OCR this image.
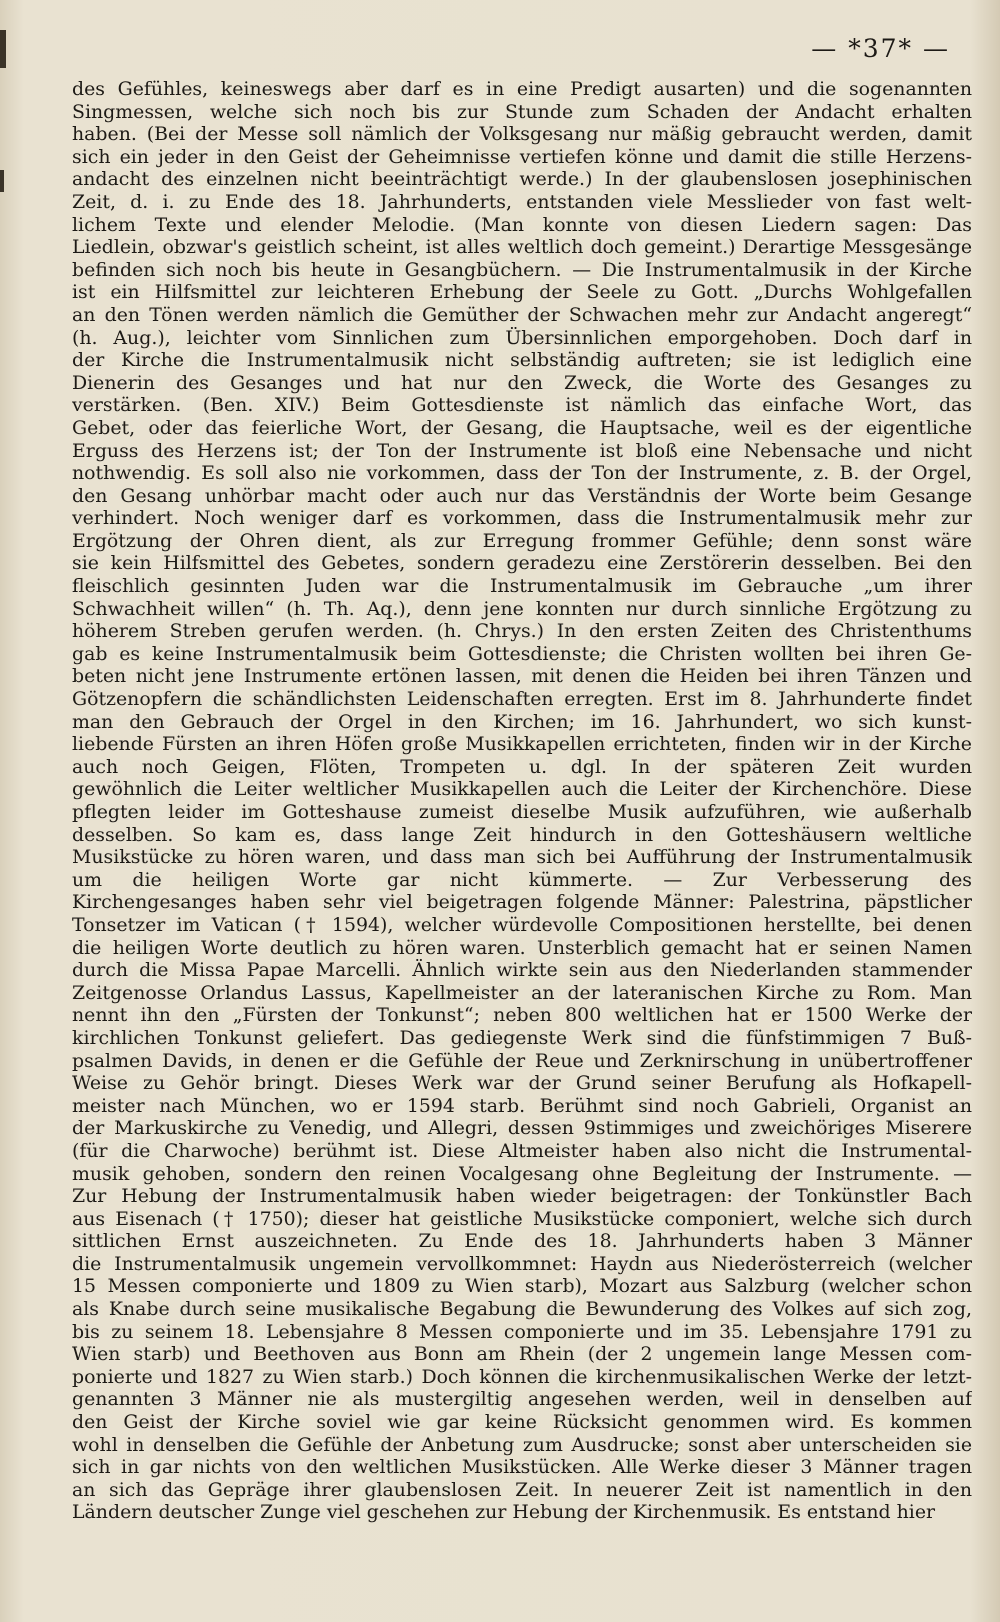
— *37* —
des Gefühles, keineswegs aber darf es in eine Predigt ausarten) und die sogenannten
Singmessen, welche sich noch bis zur Stunde zum Schaden der Andacht erhalten
haben. (Bei der Messe soll nämlich der Volksgesang nur mäßig gebraucht werden, damit
sich ein jeder in den Geist der Geheimnisse vertiefen könne und damit die stille Herzens-
andacht des einzelnen nicht beeinträchtigt werde.) In der glaubenslosen josephinischen
Zeit, d. i. zu Ende des 18. Jahrhunderts, entstanden viele Messlieder von fast welt-
lichem Texte und elender Melodie. (Man konnte von diesen Liedern sagen: Das
Liedlein, obzwar's geistlich scheint, ist alles weltlich doch gemeint.) Derartige Messgesänge
befinden sich noch bis heute in Gesangbüchern. — Die Instrumentalmusik in der Kirche
ist ein Hilfsmittel zur leichteren Erhebung der Seele zu Gott. „Durchs Wohlgefallen
an den Tönen werden nämlich die Gemüther der Schwachen mehr zur Andacht angeregt“
(h. Aug.), leichter vom Sinnlichen zum Übersinnlichen emporgehoben. Doch darf in
der Kirche die Instrumentalmusik nicht selbständig auftreten; sie ist lediglich eine
Dienerin des Gesanges und hat nur den Zweck, die Worte des Gesanges zu
verstärken. (Ben. XIV.) Beim Gottesdienste ist nämlich das einfache Wort, das
Gebet, oder das feierliche Wort, der Gesang, die Hauptsache, weil es der eigentliche
Erguss des Herzens ist; der Ton der Instrumente ist bloß eine Nebensache und nicht
nothwendig. Es soll also nie vorkommen, dass der Ton der Instrumente, z. B. der Orgel,
den Gesang unhörbar macht oder auch nur das Verständnis der Worte beim Gesange
verhindert. Noch weniger darf es vorkommen, dass die Instrumentalmusik mehr zur
Ergötzung der Ohren dient, als zur Erregung frommer Gefühle; denn sonst wäre
sie kein Hilfsmittel des Gebetes, sondern geradezu eine Zerstörerin desselben. Bei den
fleischlich gesinnten Juden war die Instrumentalmusik im Gebrauche „um ihrer
Schwachheit willen“ (h. Th. Aq.), denn jene konnten nur durch sinnliche Ergötzung zu
höherem Streben gerufen werden. (h. Chrys.) In den ersten Zeiten des Christenthums
gab es keine Instrumentalmusik beim Gottesdienste; die Christen wollten bei ihren Ge-
beten nicht jene Instrumente ertönen lassen, mit denen die Heiden bei ihren Tänzen und
Götzenopfern die schändlichsten Leidenschaften erregten. Erst im 8. Jahrhunderte findet
man den Gebrauch der Orgel in den Kirchen; im 16. Jahrhundert, wo sich kunst-
liebende Fürsten an ihren Höfen große Musikkapellen errichteten, finden wir in der Kirche
auch noch Geigen, Flöten, Trompeten u. dgl. In der späteren Zeit wurden
gewöhnlich die Leiter weltlicher Musikkapellen auch die Leiter der Kirchenchöre. Diese
pflegten leider im Gotteshause zumeist dieselbe Musik aufzuführen, wie außerhalb
desselben. So kam es, dass lange Zeit hindurch in den Gotteshäusern weltliche
Musikstücke zu hören waren, und dass man sich bei Aufführung der Instrumentalmusik
um die heiligen Worte gar nicht kümmerte. — Zur Verbesserung des
Kirchengesanges haben sehr viel beigetragen folgende Männer: Palestrina, päpstlicher
Tonsetzer im Vatican († 1594), welcher würdevolle Compositionen herstellte, bei denen
die heiligen Worte deutlich zu hören waren. Unsterblich gemacht hat er seinen Namen
durch die Missa Papae Marcelli. Ähnlich wirkte sein aus den Niederlanden stammender
Zeitgenosse Orlandus Lassus, Kapellmeister an der lateranischen Kirche zu Rom. Man
nennt ihn den „Fürsten der Tonkunst“; neben 800 weltlichen hat er 1500 Werke der
kirchlichen Tonkunst geliefert. Das gediegenste Werk sind die fünfstimmigen 7 Buß-
psalmen Davids, in denen er die Gefühle der Reue und Zerknirschung in unübertroffener
Weise zu Gehör bringt. Dieses Werk war der Grund seiner Berufung als Hofkapell-
meister nach München, wo er 1594 starb. Berühmt sind noch Gabrieli, Organist an
der Markuskirche zu Venedig, und Allegri, dessen 9stimmiges und zweichöriges Miserere
(für die Charwoche) berühmt ist. Diese Altmeister haben also nicht die Instrumental-
musik gehoben, sondern den reinen Vocalgesang ohne Begleitung der Instrumente. —
Zur Hebung der Instrumentalmusik haben wieder beigetragen: der Tonkünstler Bach
aus Eisenach († 1750); dieser hat geistliche Musikstücke componiert, welche sich durch
sittlichen Ernst auszeichneten. Zu Ende des 18. Jahrhunderts haben 3 Männer
die Instrumentalmusik ungemein vervollkommnet: Haydn aus Niederösterreich (welcher
15 Messen componierte und 1809 zu Wien starb), Mozart aus Salzburg (welcher schon
als Knabe durch seine musikalische Begabung die Bewunderung des Volkes auf sich zog,
bis zu seinem 18. Lebensjahre 8 Messen componierte und im 35. Lebensjahre 1791 zu
Wien starb) und Beethoven aus Bonn am Rhein (der 2 ungemein lange Messen com-
ponierte und 1827 zu Wien starb.) Doch können die kirchenmusikalischen Werke der letzt-
genannten 3 Männer nie als mustergiltig angesehen werden, weil in denselben auf
den Geist der Kirche soviel wie gar keine Rücksicht genommen wird. Es kommen
wohl in denselben die Gefühle der Anbetung zum Ausdrucke; sonst aber unterscheiden sie
sich in gar nichts von den weltlichen Musikstücken. Alle Werke dieser 3 Männer tragen
an sich das Gepräge ihrer glaubenslosen Zeit. In neuerer Zeit ist namentlich in den
Ländern deutscher Zunge viel geschehen zur Hebung der Kirchenmusik. Es entstand hier
